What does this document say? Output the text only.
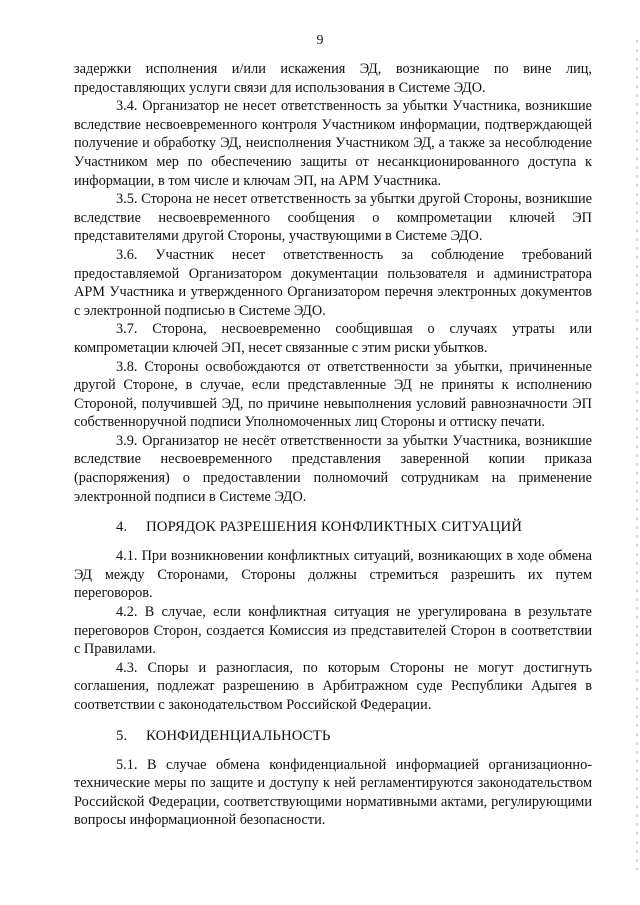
9

задержки исполнения и/или искажения ЭД, возникающие по вине лиц, предоставляющих услуги связи для использования в Системе ЭДО.

3.4. Организатор не несет ответственность за убытки Участника, возникшие вследствие несвоевременного контроля Участником информации, подтверждающей получение и обработку ЭД, неисполнения Участником ЭД, а также за несоблюдение Участником мер по обеспечению защиты от несанкционированного доступа к информации, в том числе и ключам ЭП, на АРМ Участника.

3.5. Сторона не несет ответственность за убытки другой Стороны, возникшие вследствие несвоевременного сообщения о компрометации ключей ЭП представителями другой Стороны, участвующими в Системе ЭДО.

3.6. Участник несет ответственность за соблюдение требований предоставляемой Организатором документации пользователя и администратора АРМ Участника и утвержденного Организатором перечня электронных документов с электронной подписью в Системе ЭДО.

3.7. Сторона, несвоевременно сообщившая о случаях утраты или компрометации ключей ЭП, несет связанные с этим риски убытков.

3.8. Стороны освобождаются от ответственности за убытки, причиненные другой Стороне, в случае, если представленные ЭД не приняты к исполнению Стороной, получившей ЭД, по причине невыполнения условий равнозначности ЭП собственноручной подписи Уполномоченных лиц Стороны и оттиску печати.

3.9. Организатор не несёт ответственности за убытки Участника, возникшие вследствие несвоевременного представления заверенной копии приказа (распоряжения) о предоставлении полномочий сотрудникам на применение электронной подписи в Системе ЭДО.

4. ПОРЯДОК РАЗРЕШЕНИЯ КОНФЛИКТНЫХ СИТУАЦИЙ

4.1. При возникновении конфликтных ситуаций, возникающих в ходе обмена ЭД между Сторонами, Стороны должны стремиться разрешить их путем переговоров.

4.2. В случае, если конфликтная ситуация не урегулирована в результате переговоров Сторон, создается Комиссия из представителей Сторон в соответствии с Правилами.

4.3. Споры и разногласия, по которым Стороны не могут достигнуть соглашения, подлежат разрешению в Арбитражном суде Республики Адыгея в соответствии с законодательством Российской Федерации.

5. КОНФИДЕНЦИАЛЬНОСТЬ

5.1. В случае обмена конфиденциальной информацией организационно-технические меры по защите и доступу к ней регламентируются законодательством Российской Федерации, соответствующими нормативными актами, регулирующими вопросы информационной безопасности.
